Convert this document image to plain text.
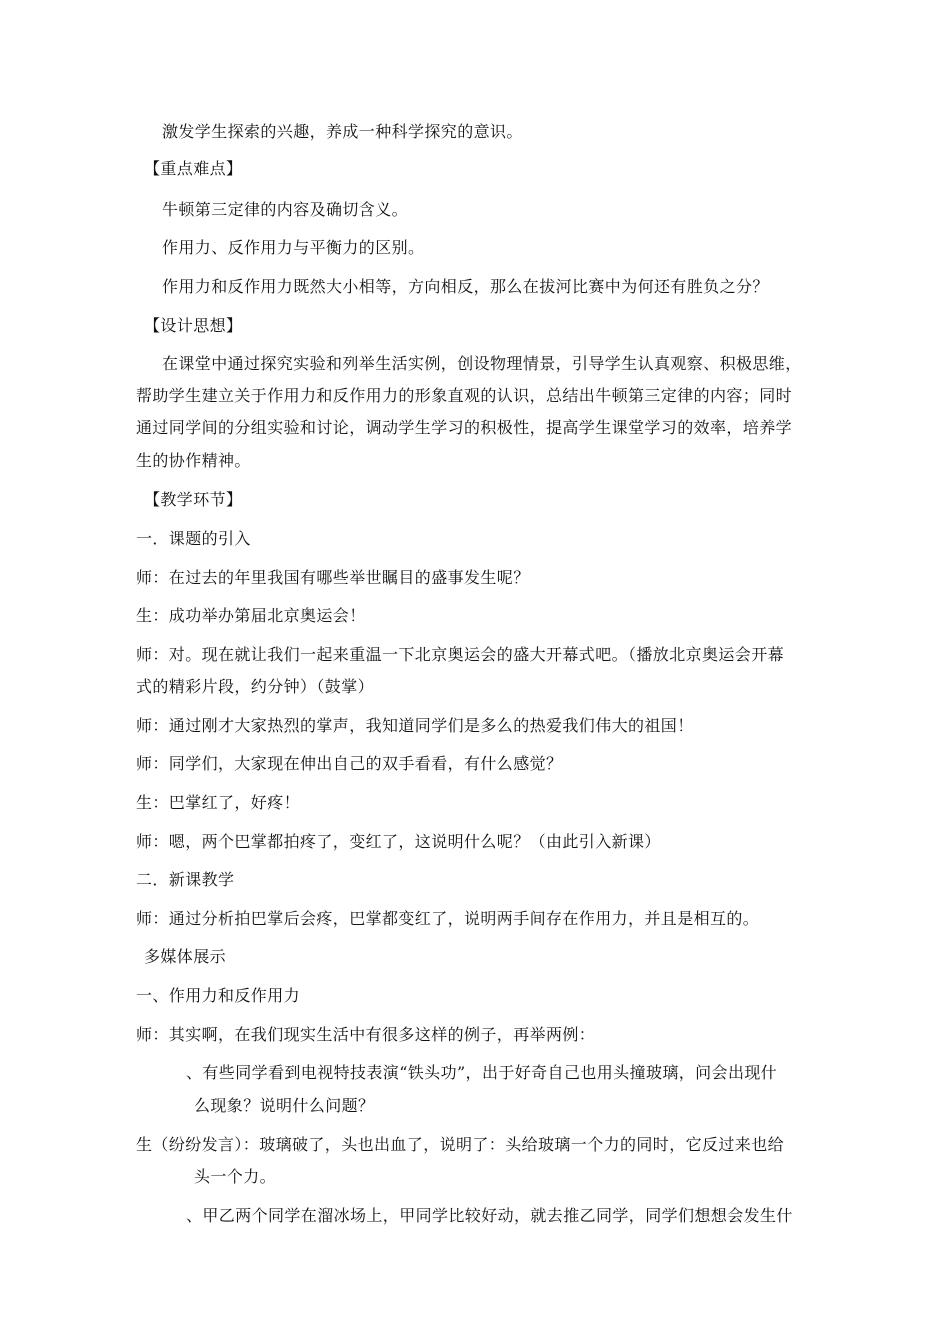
激发学生探索的兴趣，养成一种科学探究的意识。
【重点难点】
牛顿第三定律的内容及确切含义。
作用力、反作用力与平衡力的区别。
作用力和反作用力既然大小相等，方向相反，那么在拔河比赛中为何还有胜负之分？
【设计思想】
在课堂中通过探究实验和列举生活实例，创设物理情景，引导学生认真观察、积极思维，
帮助学生建立关于作用力和反作用力的形象直观的认识，总结出牛顿第三定律的内容；同时
通过同学间的分组实验和讨论，调动学生学习的积极性，提高学生课堂学习的效率，培养学
生的协作精神。
【教学环节】
一．课题的引入
师：在过去的年里我国有哪些举世瞩目的盛事发生呢？
生：成功举办第届北京奥运会！
师：对。现在就让我们一起来重温一下北京奥运会的盛大开幕式吧。（播放北京奥运会开幕
式的精彩片段，约分钟）（鼓掌）
师：通过刚才大家热烈的掌声，我知道同学们是多么的热爱我们伟大的祖国！
师：同学们，大家现在伸出自己的双手看看，有什么感觉？
生：巴掌红了，好疼！
师：嗯，两个巴掌都拍疼了，变红了，这说明什么呢？（由此引入新课）
二．新课教学
师：通过分析拍巴掌后会疼，巴掌都变红了，说明两手间存在作用力，并且是相互的。
多媒体展示
一、作用力和反作用力
师：其实啊，在我们现实生活中有很多这样的例子，再举两例：
、有些同学看到电视特技表演“铁头功”，出于好奇自己也用头撞玻璃，问会出现什
么现象？说明什么问题？
生（纷纷发言）：玻璃破了，头也出血了，说明了：头给玻璃一个力的同时，它反过来也给
头一个力。
、甲乙两个同学在溜冰场上，甲同学比较好动，就去推乙同学，同学们想想会发生什
